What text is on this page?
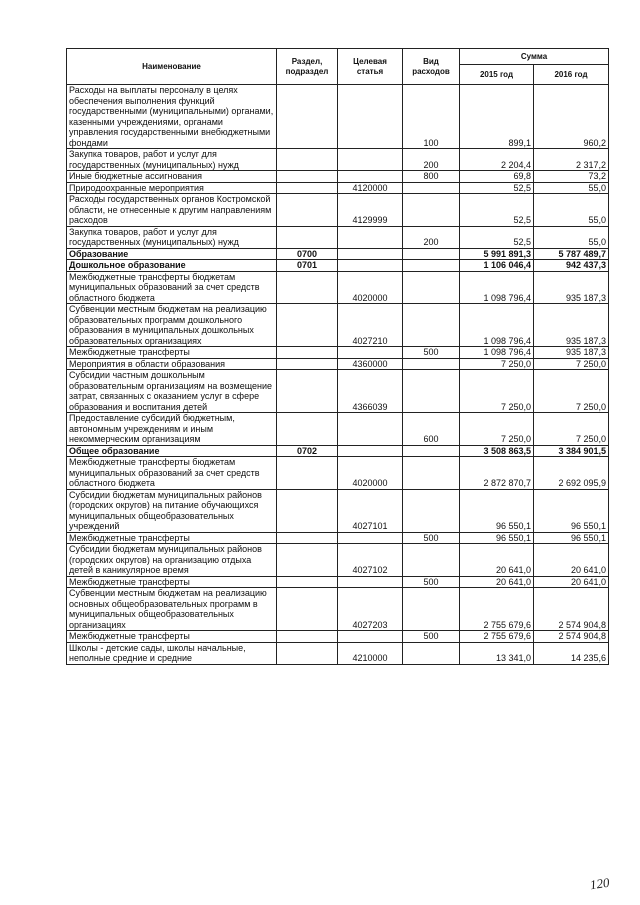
Наименование	Раздел, подраздел	Целевая статья	Вид расходов	Сумма	
				2015 год	2016 год
Расходы на выплаты персоналу в целях обеспечения выполнения функций государственными (муниципальными) органами, казенными учреждениями, органами управления государственными внебюджетными фондами			100	899,1	960,2
Закупка товаров, работ и услуг для государственных (муниципальных) нужд			200	2 204,4	2 317,2
Иные бюджетные ассигнования			800	69,8	73,2
Природоохранные мероприятия		4120000		52,5	55,0
Расходы государственных органов Костромской области, не отнесенные к другим направлениям расходов		4129999		52,5	55,0
Закупка товаров, работ и услуг для государственных (муниципальных) нужд			200	52,5	55,0
Образование	0700			5 991 891,3	5 787 489,7
Дошкольное образование	0701			1 106 046,4	942 437,3
Межбюджетные трансферты бюджетам муниципальных образований за счет средств областного бюджета		4020000		1 098 796,4	935 187,3
Субвенции местным бюджетам на реализацию образовательных программ дошкольного образования в муниципальных дошкольных образовательных организациях		4027210		1 098 796,4	935 187,3
Межбюджетные трансферты			500	1 098 796,4	935 187,3
Мероприятия в области образования		4360000		7 250,0	7 250,0
Субсидии частным дошкольным образовательным организациям на возмещение затрат, связанных с оказанием услуг в сфере образования и воспитания детей		4366039		7 250,0	7 250,0
Предоставление субсидий бюджетным, автономным учреждениям и иным некоммерческим организациям			600	7 250,0	7 250,0
Общее образование	0702			3 508 863,5	3 384 901,5
Межбюджетные трансферты бюджетам муниципальных образований за счет средств областного бюджета		4020000		2 872 870,7	2 692 095,9
Субсидии бюджетам муниципальных районов (городских округов) на питание обучающихся муниципальных общеобразовательных учреждений		4027101		96 550,1	96 550,1
Межбюджетные трансферты			500	96 550,1	96 550,1
Субсидии бюджетам муниципальных районов (городских округов) на организацию отдыха детей в каникулярное время		4027102		20 641,0	20 641,0
Межбюджетные трансферты			500	20 641,0	20 641,0
Субвенции местным бюджетам на реализацию основных общеобразовательных программ в муниципальных общеобразовательных организациях		4027203		2 755 679,6	2 574 904,8
Межбюджетные трансферты			500	2 755 679,6	2 574 904,8
Школы - детские сады, школы начальные, неполные средние и средние		4210000		13 341,0	14 235,6
120
